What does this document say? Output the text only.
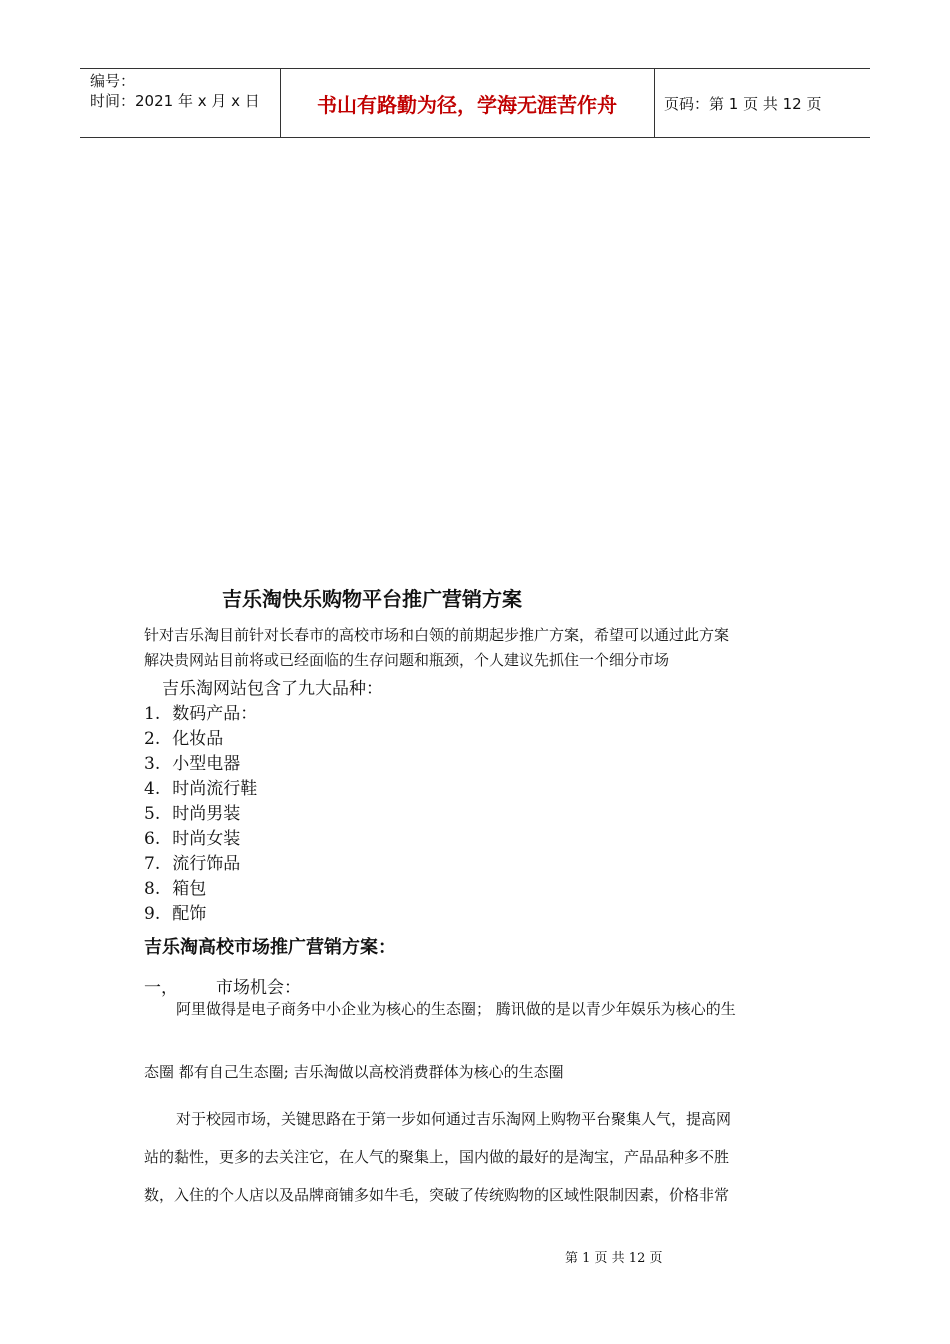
编号：
时间：2021 年 x 月 x 日	书山有路勤为径，学海无涯苦作舟	页码：第 1 页 共 12 页
吉乐淘快乐购物平台推广营销方案
针对吉乐淘目前针对长春市的高校市场和白领的前期起步推广方案，希望可以通过此方案
解决贵网站目前将或已经面临的生存问题和瓶颈，个人建议先抓住一个细分市场
吉乐淘网站包含了九大品种：
1. 数码产品：
2. 化妆品
3. 小型电器
4. 时尚流行鞋
5. 时尚男装
6. 时尚女装
7. 流行饰品
8. 箱包
9. 配饰
吉乐淘高校市场推广营销方案：
一， 市场机会：
阿里做得是电子商务中小企业为核心的生态圈； 腾讯做的是以青少年娱乐为核心的生
态圈 都有自己生态圈; 吉乐淘做以高校消费群体为核心的生态圈
对于校园市场，关键思路在于第一步如何通过吉乐淘网上购物平台聚集人气，提高网
站的黏性，更多的去关注它，在人气的聚集上，国内做的最好的是淘宝，产品品种多不胜
数，入住的个人店以及品牌商铺多如牛毛，突破了传统购物的区域性限制因素，价格非常
第 1 页 共 12 页
